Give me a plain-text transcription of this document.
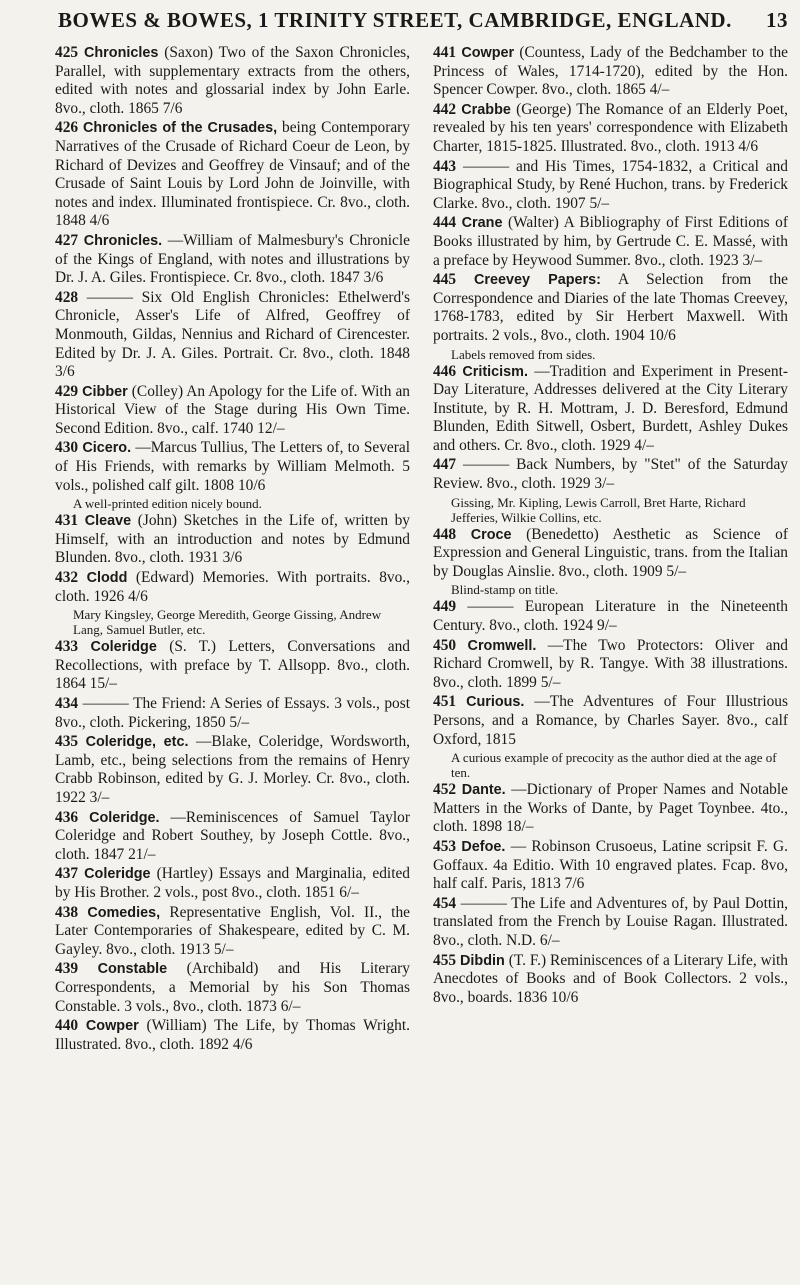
BOWES & BOWES, 1 TRINITY STREET, CAMBRIDGE, ENGLAND. 13
425 Chronicles (Saxon) Two of the Saxon Chronicles, Parallel, with supplementary extracts from the others, edited with notes and glossarial index by John Earle. 8vo., cloth. 1865 7/6
426 Chronicles of the Crusades, being Contemporary Narratives of the Crusade of Richard Coeur de Leon, by Richard of Devizes and Geoffrey de Vinsauf; and of the Crusade of Saint Louis by Lord John de Joinville, with notes and index. Illuminated frontispiece. Cr. 8vo., cloth. 1848 4/6
427 Chronicles. —William of Malmesbury's Chronicle of the Kings of England, with notes and illustrations by Dr. J. A. Giles. Frontispiece. Cr. 8vo., cloth. 1847 3/6
428 ——— Six Old English Chronicles: Ethelwerd's Chronicle, Asser's Life of Alfred, Geoffrey of Monmouth, Gildas, Nennius and Richard of Cirencester. Edited by Dr. J. A. Giles. Portrait. Cr. 8vo., cloth. 1848 3/6
429 Cibber (Colley) An Apology for the Life of. With an Historical View of the Stage during His Own Time. Second Edition. 8vo., calf. 1740 12/–
430 Cicero. —Marcus Tullius, The Letters of, to Several of His Friends, with remarks by William Melmoth. 5 vols., polished calf gilt. 1808 10/6
A well-printed edition nicely bound.
431 Cleave (John) Sketches in the Life of, written by Himself, with an introduction and notes by Edmund Blunden. 8vo., cloth. 1931 3/6
432 Clodd (Edward) Memories. With portraits. 8vo., cloth. 1926 4/6
Mary Kingsley, George Meredith, George Gissing, Andrew Lang, Samuel Butler, etc.
433 Coleridge (S. T.) Letters, Conversations and Recollections, with preface by T. Allsopp. 8vo., cloth. 1864 15/–
434 ——— The Friend: A Series of Essays. 3 vols., post 8vo., cloth. Pickering, 1850 5/–
435 Coleridge, etc. —Blake, Coleridge, Wordsworth, Lamb, etc., being selections from the remains of Henry Crabb Robinson, edited by G. J. Morley. Cr. 8vo., cloth. 1922 3/–
436 Coleridge. —Reminiscences of Samuel Taylor Coleridge and Robert Southey, by Joseph Cottle. 8vo., cloth. 1847 21/–
437 Coleridge (Hartley) Essays and Marginalia, edited by His Brother. 2 vols., post 8vo., cloth. 1851 6/–
438 Comedies, Representative English, Vol. II., the Later Contemporaries of Shakespeare, edited by C. M. Gayley. 8vo., cloth. 1913 5/–
439 Constable (Archibald) and His Literary Correspondents, a Memorial by his Son Thomas Constable. 3 vols., 8vo., cloth. 1873 6/–
440 Cowper (William) The Life, by Thomas Wright. Illustrated. 8vo., cloth. 1892 4/6
441 Cowper (Countess, Lady of the Bedchamber to the Princess of Wales, 1714-1720), edited by the Hon. Spencer Cowper. 8vo., cloth. 1865 4/–
442 Crabbe (George) The Romance of an Elderly Poet, revealed by his ten years' correspondence with Elizabeth Charter, 1815-1825. Illustrated. 8vo., cloth. 1913 4/6
443 ——— and His Times, 1754-1832, a Critical and Biographical Study, by René Huchon, trans. by Frederick Clarke. 8vo., cloth. 1907 5/–
444 Crane (Walter) A Bibliography of First Editions of Books illustrated by him, by Gertrude C. E. Massé, with a preface by Heywood Summer. 8vo., cloth. 1923 3/–
445 Creevey Papers: A Selection from the Correspondence and Diaries of the late Thomas Creevey, 1768-1783, edited by Sir Herbert Maxwell. With portraits. 2 vols., 8vo., cloth. 1904 10/6
Labels removed from sides.
446 Criticism. —Tradition and Experiment in Present-Day Literature, Addresses delivered at the City Literary Institute, by R. H. Mottram, J. D. Beresford, Edmund Blunden, Edith Sitwell, Osbert, Burdett, Ashley Dukes and others. Cr. 8vo., cloth. 1929 4/–
447 ——— Back Numbers, by "Stet" of the Saturday Review. 8vo., cloth. 1929 3/–
Gissing, Mr. Kipling, Lewis Carroll, Bret Harte, Richard Jefferies, Wilkie Collins, etc.
448 Croce (Benedetto) Aesthetic as Science of Expression and General Linguistic, trans. from the Italian by Douglas Ainslie. 8vo., cloth. 1909 5/–
Blind-stamp on title.
449 ——— European Literature in the Nineteenth Century. 8vo., cloth. 1924 9/–
450 Cromwell. —The Two Protectors: Oliver and Richard Cromwell, by R. Tangye. With 38 illustrations. 8vo., cloth. 1899 5/–
451 Curious. —The Adventures of Four Illustrious Persons, and a Romance, by Charles Sayer. 8vo., calf Oxford, 1815
A curious example of precocity as the author died at the age of ten.
452 Dante. —Dictionary of Proper Names and Notable Matters in the Works of Dante, by Paget Toynbee. 4to., cloth. 1898 18/–
453 Defoe. — Robinson Crusoeus, Latine scripsit F. G. Goffaux. 4a Editio. With 10 engraved plates. Fcap. 8vo, half calf. Paris, 1813 7/6
454 ——— The Life and Adventures of, by Paul Dottin, translated from the French by Louise Ragan. Illustrated. 8vo., cloth. N.D. 6/–
455 Dibdin (T. F.) Reminiscences of a Literary Life, with Anecdotes of Books and of Book Collectors. 2 vols., 8vo., boards. 1836 10/6
